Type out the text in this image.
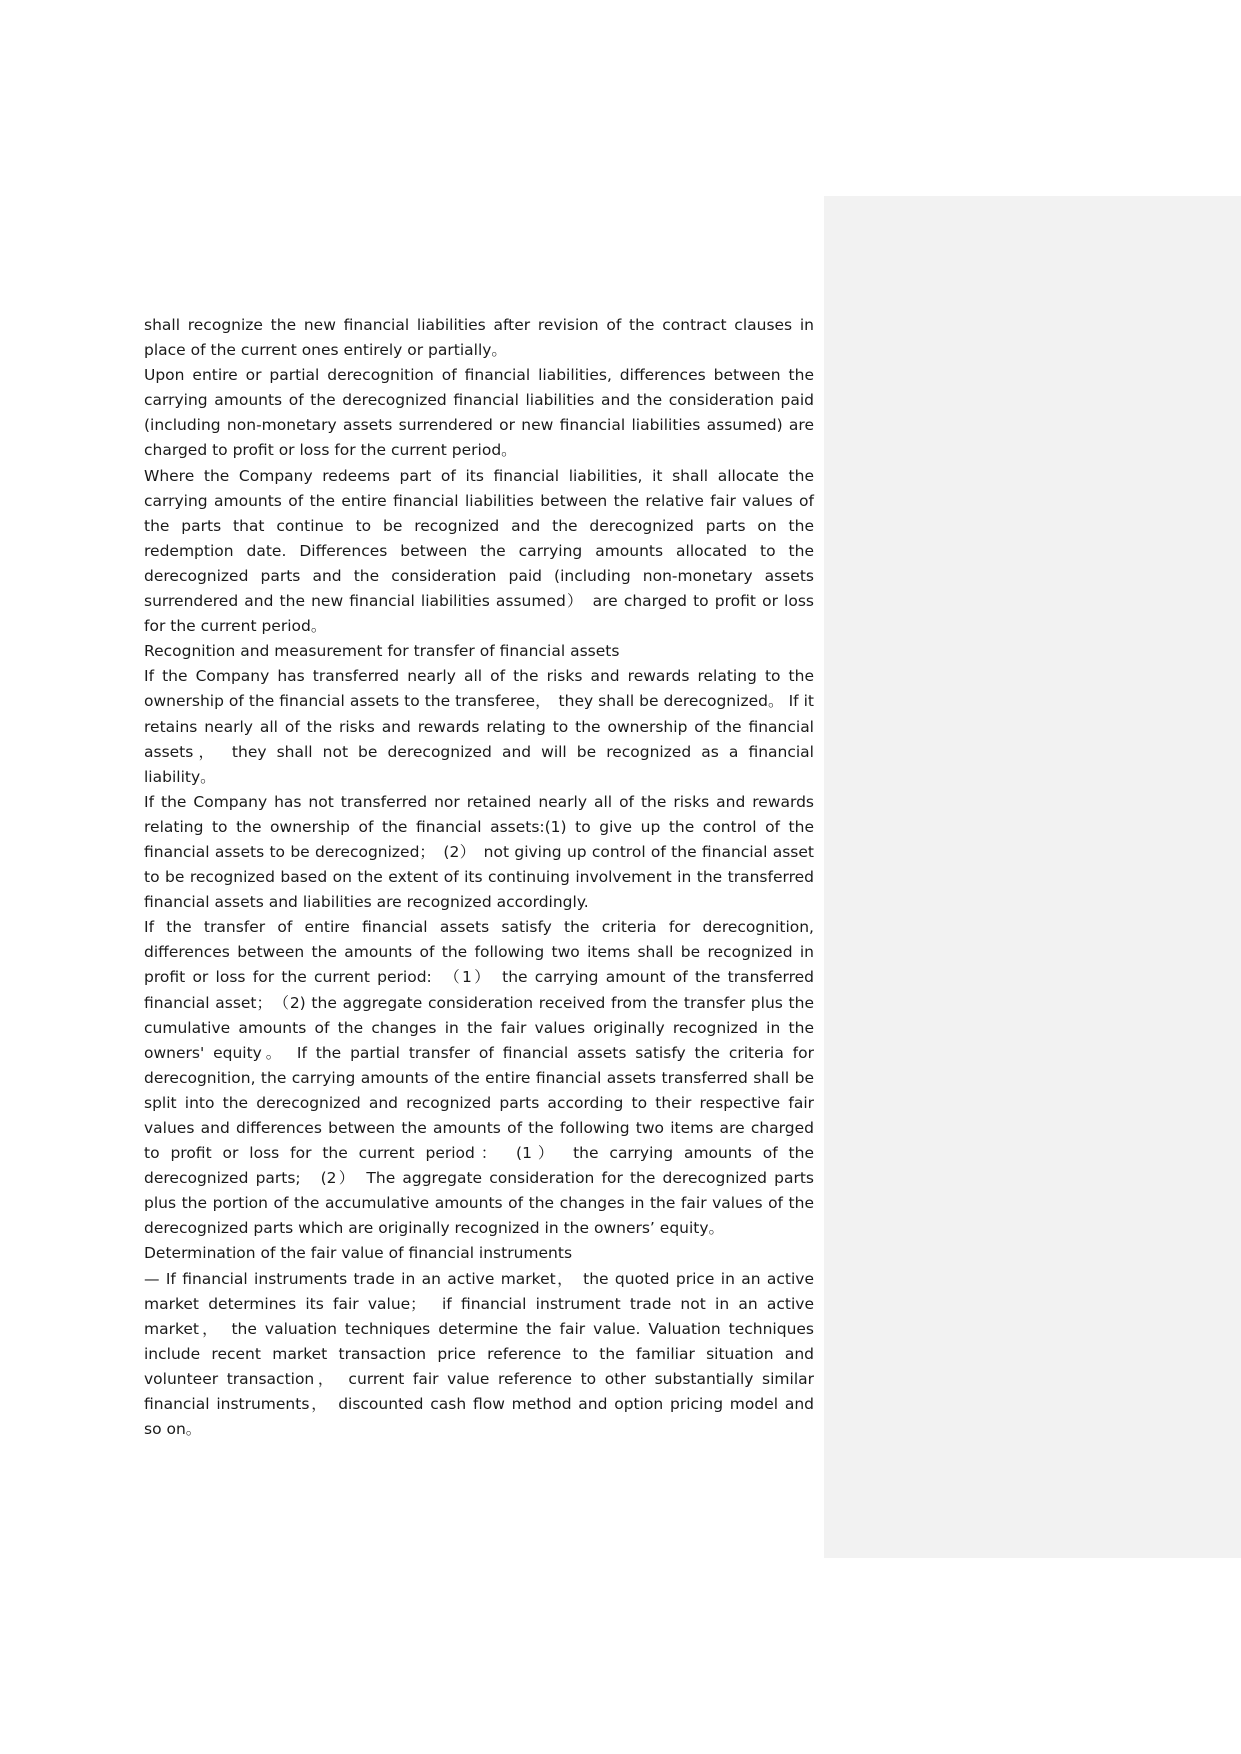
shall recognize the new financial liabilities after revision of the contract clauses in place of the current ones entirely or partially。

Upon entire or partial derecognition of financial liabilities, differences between the carrying amounts of the derecognized financial liabilities and the consideration paid (including non-monetary assets surrendered or new financial liabilities assumed) are charged to profit or loss for the current period。

Where the Company redeems part of its financial liabilities, it shall allocate the carrying amounts of the entire financial liabilities between the relative fair values of the parts that continue to be recognized and the derecognized parts on the redemption date. Differences between the carrying amounts allocated to the derecognized parts and the consideration paid (including non-monetary assets surrendered and the new financial liabilities assumed）　are charged to profit or loss for the current period。

Recognition and measurement for transfer of financial assets

If the Company has transferred nearly all of the risks and rewards relating to the ownership of the financial assets to the transferee，　they shall be derecognized。 If it retains nearly all of the risks and rewards relating to the ownership of the financial assets，　they shall not be derecognized and will be recognized as a financial liability。

If the Company has not transferred nor retained nearly all of the risks and rewards relating to the ownership of the financial assets:(1) to give up the control of the financial assets to be derecognized；　(2）　not giving up control of the financial asset to be recognized based on the extent of its continuing involvement in the transferred financial assets and liabilities are recognized accordingly.

If the transfer of entire financial assets satisfy the criteria for derecognition, differences between the amounts of the following two items shall be recognized in profit or loss for the current period:　（1）　the carrying amount of the transferred financial asset；　（2) the aggregate consideration received from the transfer plus the cumulative amounts of the changes in the fair values originally recognized in the owners' equity。　If the partial transfer of financial assets satisfy the criteria for derecognition, the carrying amounts of the entire financial assets transferred shall be split into the derecognized and recognized parts according to their respective fair values and differences between the amounts of the following two items are charged to profit or loss for the current period：　(1）　the carrying amounts of the derecognized parts;　(2）　The aggregate consideration for the derecognized parts plus the portion of the accumulative amounts of the changes in the fair values of the derecognized parts which are originally recognized in the owners’ equity。

Determination of the fair value of financial instruments

— If financial instruments trade in an active market，　the quoted price in an active market determines its fair value；　if financial instrument trade not in an active market，　the valuation techniques determine the fair value. Valuation techniques include recent market transaction price reference to the familiar situation and volunteer transaction，　current fair value reference to other substantially similar financial instruments，　discounted cash flow method and option pricing model and so on。
